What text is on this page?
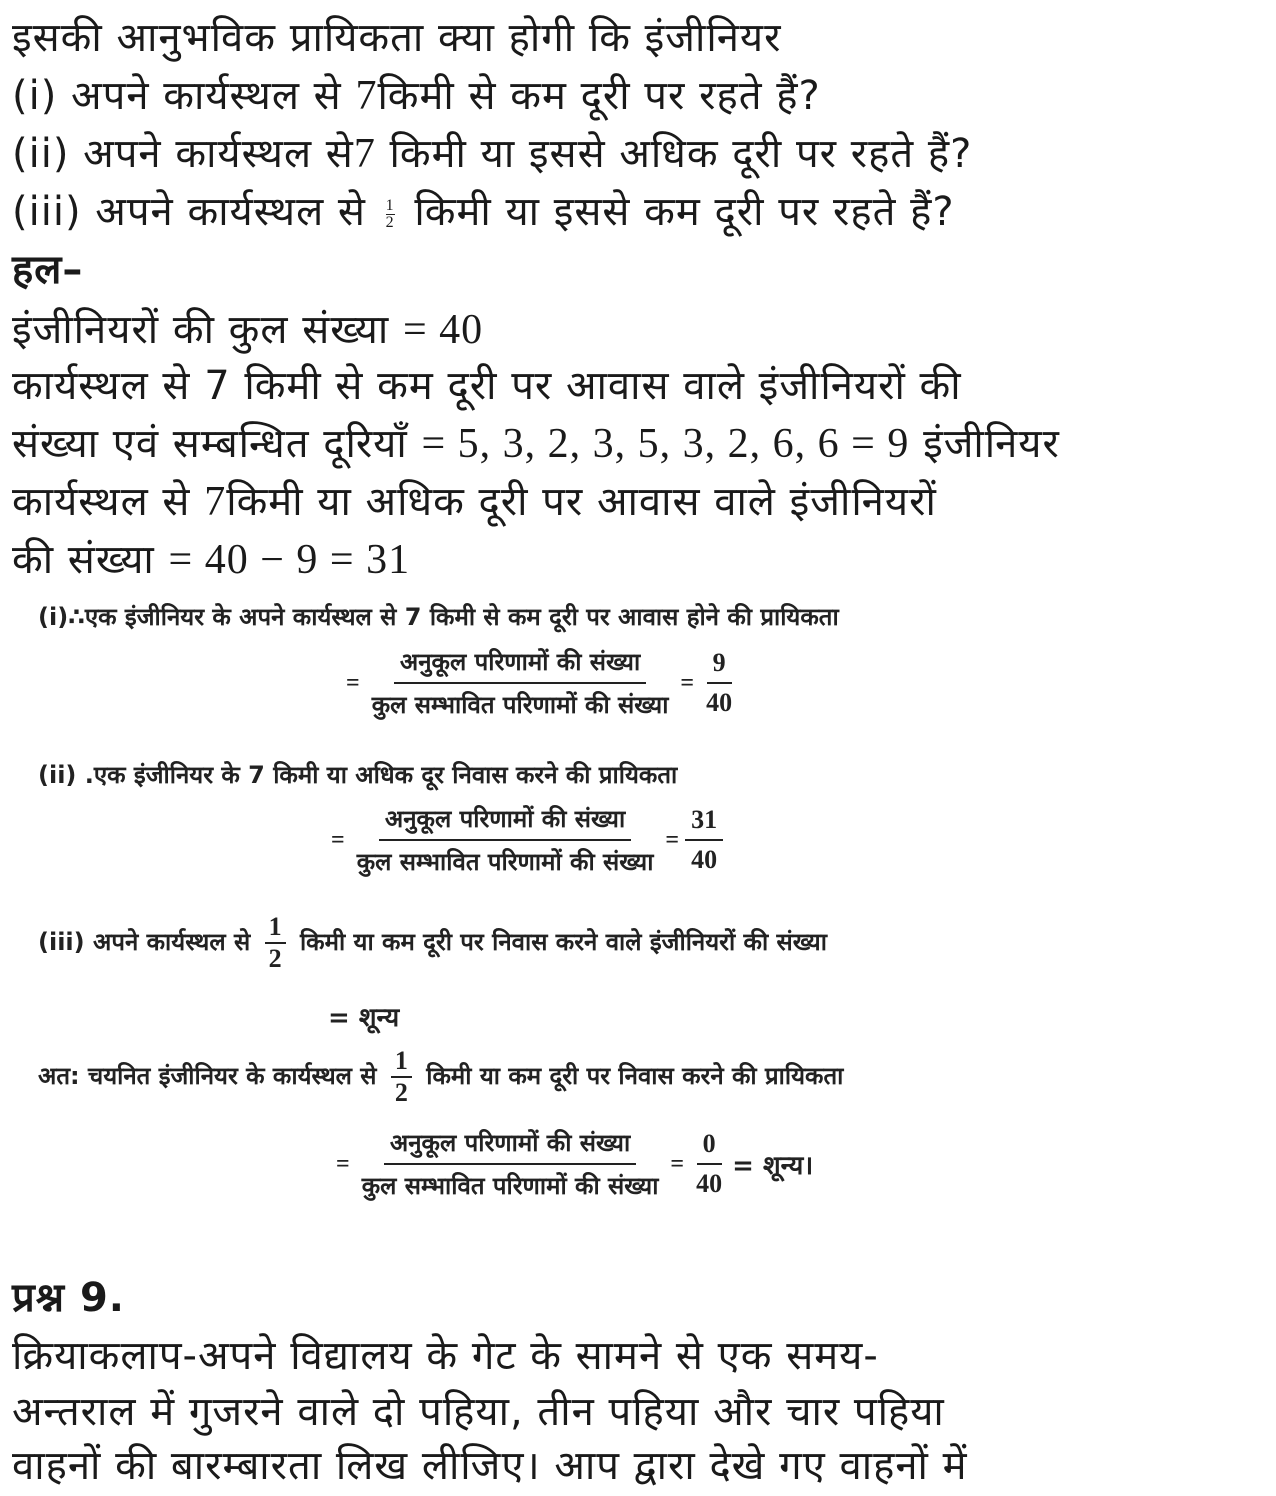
इसकी आनुभविक प्रायिकता क्या होगी कि इंजीनियर
(i) अपने कार्यस्थल से 7किमी से कम दूरी पर रहते हैं?
(ii) अपने कार्यस्थल से7 किमी या इससे अधिक दूरी पर रहते हैं?
(iii) अपने कार्यस्थल से $\frac{1}{2}$ किमी या इससे कम दूरी पर रहते हैं?
हल–
इंजीनियरों की कुल संख्या = 40
कार्यस्थल से 7 किमी से कम दूरी पर आवास वाले इंजीनियरों की
संख्या एवं सम्बन्धित दूरियाँ = 5, 3, 2, 3, 5, 3, 2, 6, 6 = 9 इंजीनियर
कार्यस्थल से 7किमी या अधिक दूरी पर आवास वाले इंजीनियरों
की संख्या = 40 − 9 = 31
(i)∴एक इंजीनियर के अपने कार्यस्थल से 7 किमी से कम दूरी पर आवास होने की प्रायिकता
=
अनुकूल परिणामों की संख्या
कुल सम्भावित परिणामों की संख्या
= $\frac{9}{40}$
(ii) .एक इंजीनियर के 7 किमी या अधिक दूर निवास करने की प्रायिकता
=
अनुकूल परिणामों की संख्या
कुल सम्भावित परिणामों की संख्या
= $\frac{31}{40}$
(iii) अपने कार्यस्थल से $\frac{1}{2}$ किमी या कम दूरी पर निवास करने वाले इंजीनियरों की संख्या
= शून्य
अत: चयनित इंजीनियर के कार्यस्थल से $\frac{1}{2}$ किमी या कम दूरी पर निवास करने की प्रायिकता
=
अनुकूल परिणामों की संख्या
कुल सम्भावित परिणामों की संख्या
= $\frac{0}{40}$ = शून्य।
प्रश्न 9.
क्रियाकलाप-अपने विद्यालय के गेट के सामने से एक समय-
अन्तराल में गुजरने वाले दो पहिया, तीन पहिया और चार पहिया
वाहनों की बारम्बारता लिख लीजिए। आप द्वारा देखे गए वाहनों में
